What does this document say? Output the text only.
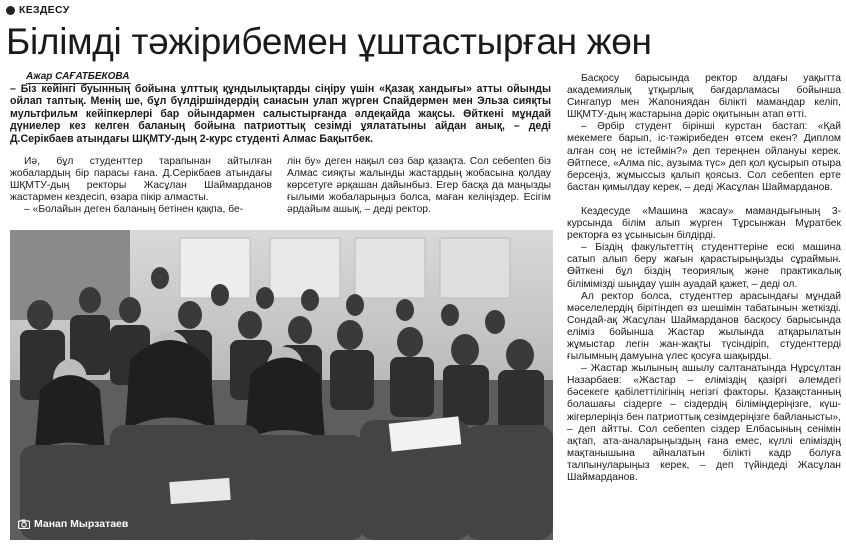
КЕЗДЕСУ
Білімді тәжірибемен ұштастырған жөн
Ажар САҒАТБЕКОВА
– Біз кейінгі буынның бойына ұлттық құндылықтарды сіңіру үшін «Қазақ хандығы» атты ойынды ойлап таптық. Менің ше, бұл бүлдіршіндердің санасын улап жүрген Спайдермен мен Эльза сияқты мультфильм кейіпкерлері бар ойындармен салыстырғанда әлдеқайда жақсы. Өйткені мұндай дүниелер кез келген баланың бойына патриоттық сезімді ұялататыны айдан анық, – деді Д.Серікбаев атындағы ШҚМТУ-дың 2-курс студенті Алмас Бақытбек.

Иә, бұл студенттер тарапынан айтылған жобалардың бір парасы ғана. Д.Серікбаев атындағы ШҚМТУ-дың ректоры Жасұлан Шаймарданов жастармен кездесіп, өзара пікір алмасты.

– «Болайын деген баланың бетінен қақпа, бе-

лін бу» деген нақыл сөз бар қазақта. Сол себепten біз Алмас сияқты жалынды жастардың жобасына қолдау көрсетуге әрқашан дайынбыз. Егер басқа да маңызды ғылыми жобаларыңыз болса, маған келіңіздер. Есігім әрдайым ашық, – деді ректор.

Басқосу барысында ректор алдағы уақытта академиялық ұтқырлық бағдарламасы бойынша Сингапур мен Жапониядан білікті мамандар келіп, ШҚМТУ-дың жастарына дәріс оқитынын атап өтті.

– Әрбір студент бірінші курстан бастап: «Қай мекемеге барып, іс-тәжірибеден өтсем екен? Диплом алған соң не істеймін?» деп тереңнен ойлануы керек. Әйтпесе, «Алма піс, аузыма түс» деп қол қусырып отыра берсеңіз, жұмыссыз қалып қоясыз. Сол себепten ерте бастан қимылдау керек, – деді Жасұлан Шаймарданов.

Кездесуде «Машина жасау» мамандығының 3-курсында білім алып жүрген Тұрсынжан Мұратбек ректорға өз ұсынысын білдірді.

– Біздің факультеттің студенттеріне ескі машина сатып алып беру жағын қарастырыңызды сұраймын. Өйткені бұл біздің теориялық және практикалық біліміміздi шыңдау үшін ауадай қажет, – деді ол.

Ал ректор болса, студенттер арасындағы мұндай мәселелердің бірітіндеп өз шешімін табатынын жеткізді. Сондай-ақ Жасұлан Шаймарданов басқосу барысында еліміз бойынша Жастар жылында атқарылатын жұмыстар легін жан-жақты түсіндіріп, студенттерді ғылымның дамуына үлес қосуға шақырды.

– Жастар жылының ашылу салтанатында Нұрсұлтан Назарбаев: «Жастар – еліміздің қазіргі әлемдегі бәсекеге қабілеттілігінің негізгі факторы. Қазақстанның болашағы сіздерге – сіздердің біліміңдерiңізге, күш-жігерлеріңіз бен патриоттық сезімдеріңізге байланысты», – деп айтты. Сол себепten сіздер Елбасының сенімін ақтап, ата-аналарыңыздың ғана емес, күллі еліміздің мақтанышына айналатын білікті кадр болуға талпынуларыңыз керек, – деп түйіндеді Жасұлан Шаймарданов.

Манап Мырзатаев
